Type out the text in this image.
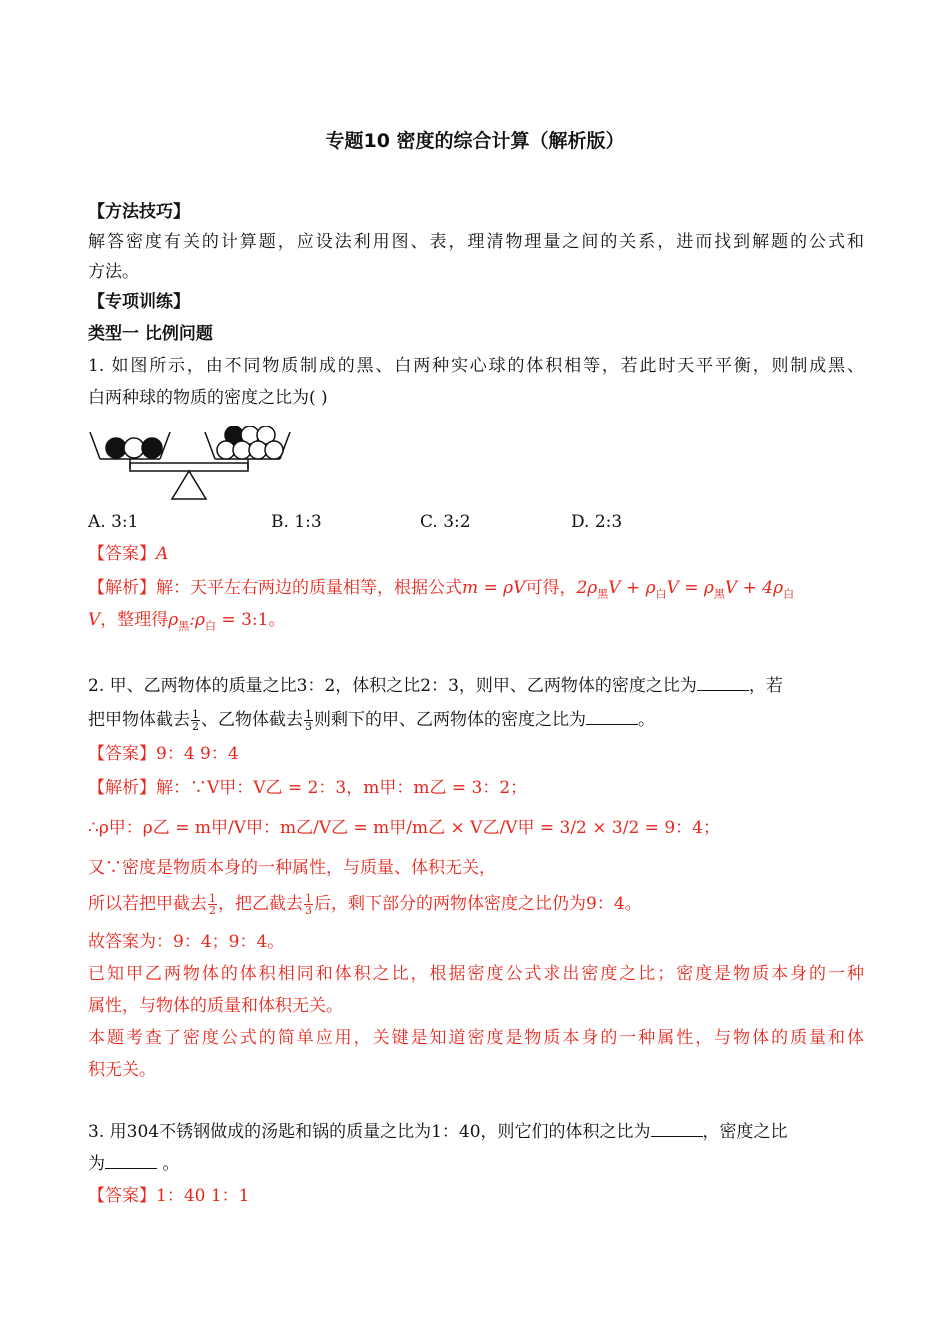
专题10 密度的综合计算（解析版）
【方法技巧】
解答密度有关的计算题，应设法利用图、表，理清物理量之间的关系，进而找到解题的公式和
方法。
【专项训练】
类型一 比例问题
1. 如图所示，由不同物质制成的黑、白两种实心球的体积相等，若此时天平平衡，则制成黑、
白两种球的物质的密度之比为( )
A. 3:1	B. 1:3	C. 3:2	D. 2:3
【答案】A
【解析】解：天平左右两边的质量相等，根据公式m = ρV可得，$2\rho_黑V + \rho_白V = \rho_黑V + 4\rho_白$
V，整理得$\rho_黑:\rho_白$ = 3:1。
2. 甲、乙两物体的质量之比3：2，体积之比2：3，则甲、乙两物体的密度之比为	，若
把甲物体截去 $\frac{1}{2}$ 、乙物体截去 $\frac{1}{3}$ 则剩下的甲、乙两物体的密度之比为	。
【答案】9：4 9：4
【解析】解：∵V甲：V乙 = 2：3，m甲：m乙 = 3：2；
∴ρ甲：ρ乙 = m甲/V甲：m乙/V乙 = m甲/m乙 × V乙/V甲 = 3/2 × 3/2 = 9：4；
又∵密度是物质本身的一种属性，与质量、体积无关，
所以若把甲截去 $\frac{1}{2}$ ，把乙截去 $\frac{1}{3}$ 后，剩下部分的两物体密度之比仍为9：4。
故答案为：9：4；9：4。
已知甲乙两物体的体积相同和体积之比，根据密度公式求出密度之比；密度是物质本身的一种
属性，与物体的质量和体积无关。
本题考查了密度公式的简单应用，关键是知道密度是物质本身的一种属性，与物体的质量和体
积无关。
3. 用304不锈钢做成的汤匙和锅的质量之比为1：40，则它们的体积之比为	，密度之比
为	。
【答案】1：40 1：1
